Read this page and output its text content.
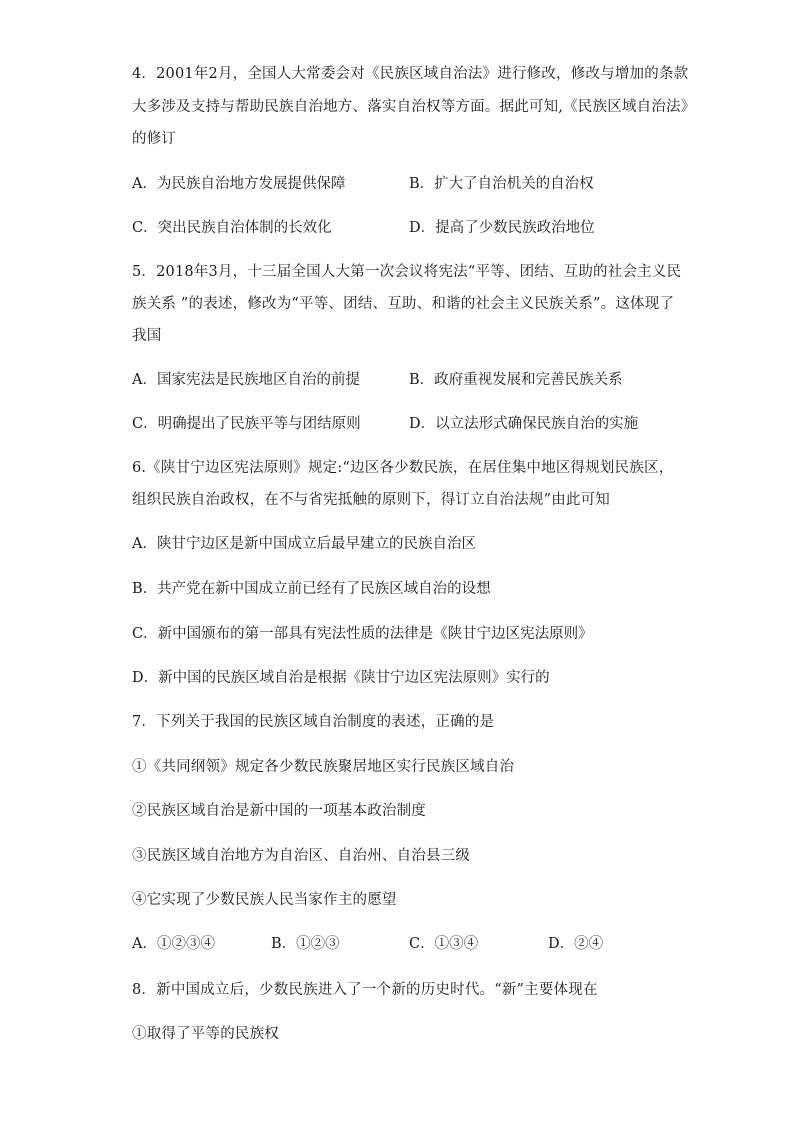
4．2001年2月，全国人大常委会对《民族区域自治法》进行修改，修改与增加的条款
大多涉及支持与帮助民族自治地方、落实自治权等方面。据此可知,《民族区域自治法》
的修订
A．为民族自治地方发展提供保障	B．扩大了自治机关的自治权
C．突出民族自治体制的长效化	D．提高了少数民族政治地位
5．2018年3月，十三届全国人大第一次会议将宪法“平等、团结、互助的社会主义民
族关系 ”的表述，修改为“平等、团结、互助、和谐的社会主义民族关系”。这体现了
我国
A．国家宪法是民族地区自治的前提	B．政府重视发展和完善民族关系
C．明确提出了民族平等与团结原则	D．以立法形式确保民族自治的实施
6.《陕甘宁边区宪法原则》规定:“边区各少数民族，在居住集中地区得规划民族区，
组织民族自治政权，在不与省宪抵触的原则下，得订立自治法规”由此可知
A．陕甘宁边区是新中国成立后最早建立的民族自治区
B．共产党在新中国成立前已经有了民族区域自治的设想
C．新中国颁布的第一部具有宪法性质的法律是《陕甘宁边区宪法原则》
D．新中国的民族区域自治是根据《陕甘宁边区宪法原则》实行的
7．下列关于我国的民族区域自治制度的表述，正确的是
①《共同纲领》规定各少数民族聚居地区实行民族区域自治
②民族区域自治是新中国的一项基本政治制度
③民族区域自治地方为自治区、自治州、自治县三级
④它实现了少数民族人民当家作主的愿望
A．①②③④	B．①②③	C．①③④	D．②④
8．新中国成立后，少数民族进入了一个新的历史时代。“新”主要体现在
①取得了平等的民族权
